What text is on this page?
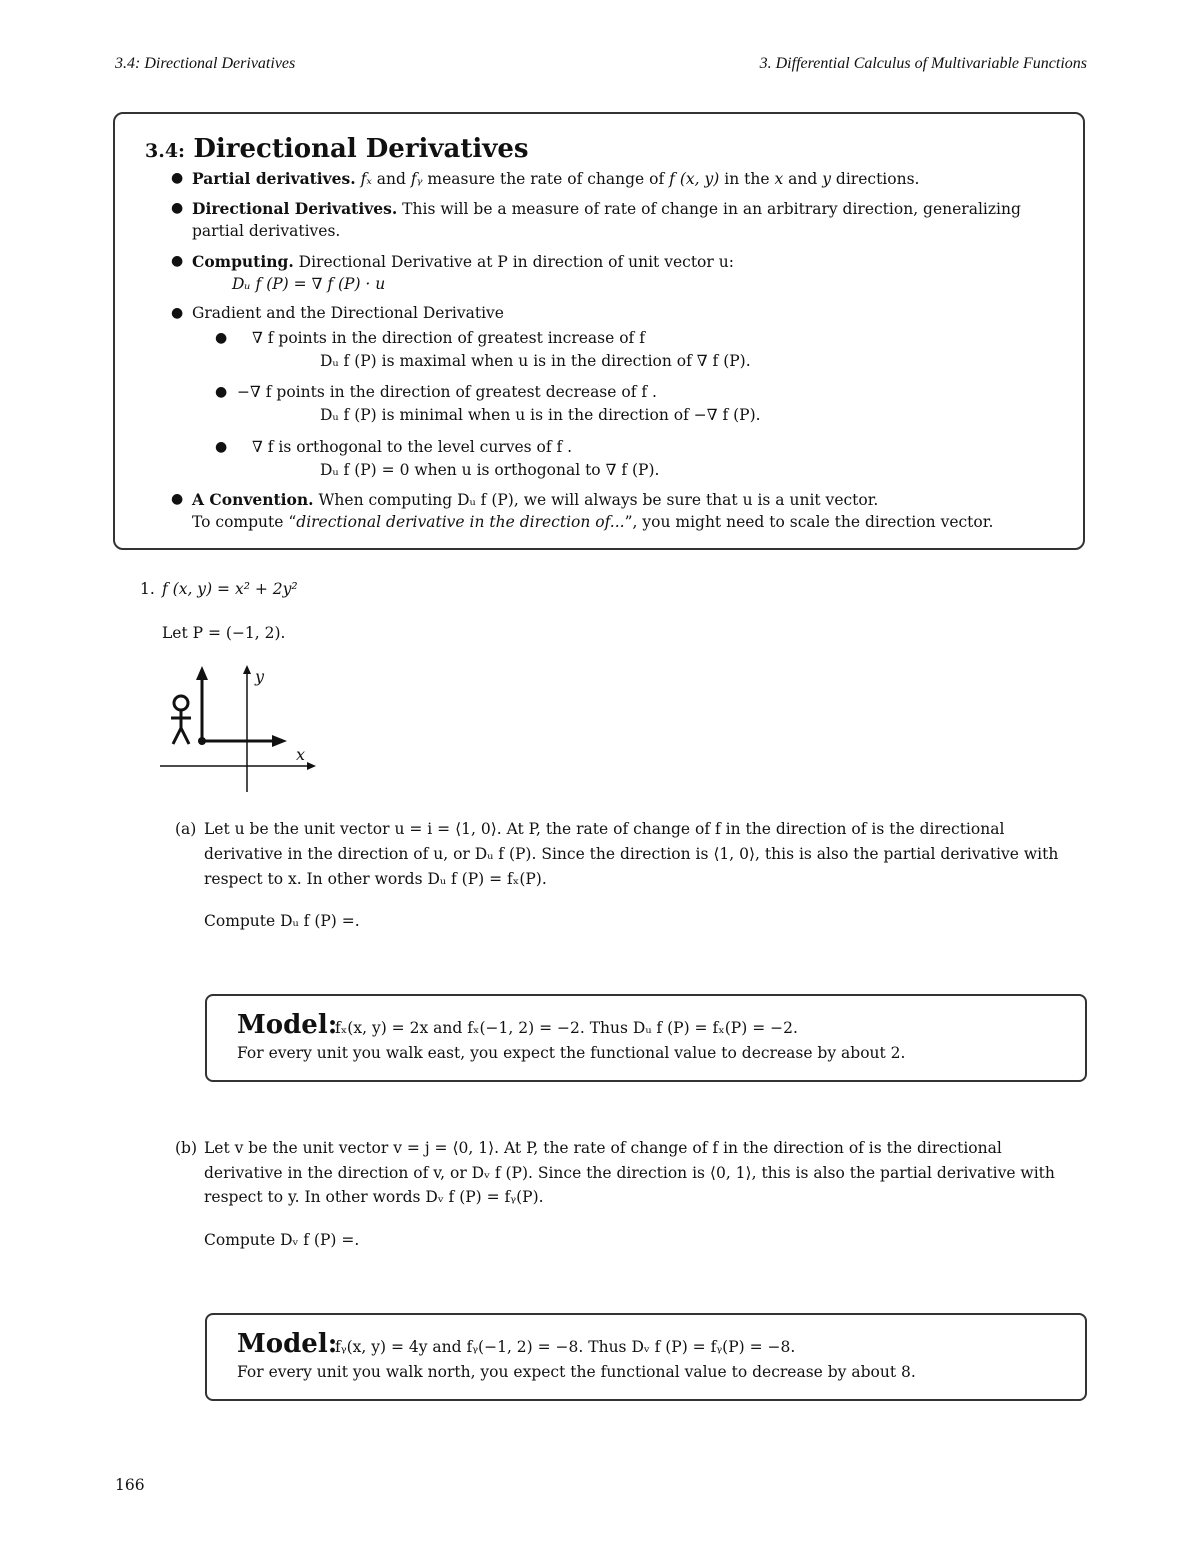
3.4: Directional Derivatives	3. Differential Calculus of Multivariable Functions
3.4: Directional Derivatives
● Partial derivatives. fₓ and fᵧ measure the rate of change of f (x, y) in the x and y directions.
● Directional Derivatives. This will be a measure of rate of change in an arbitrary direction, generalizing
partial derivatives.
● Computing. Directional Derivative at P in direction of unit vector u:
Dᵤ f (P) = ∇ f (P) · u
● Gradient and the Directional Derivative
● ∇ f points in the direction of greatest increase of f
Dᵤ f (P) is maximal when u is in the direction of ∇ f (P).
● −∇ f points in the direction of greatest decrease of f .
Dᵤ f (P) is minimal when u is in the direction of −∇ f (P).
● ∇ f is orthogonal to the level curves of f .
Dᵤ f (P) = 0 when u is orthogonal to ∇ f (P).
● A Convention. When computing Dᵤ f (P), we will always be sure that u is a unit vector.
To compute “directional derivative in the direction of...”, you might need to scale the direction vector.
1. f (x, y) = x² + 2y²
Let P = (−1, 2).
y
x
(a) Let u be the unit vector u = i = ⟨1, 0⟩. At P, the rate of change of f in the direction of is the directional
derivative in the direction of u, or Dᵤ f (P). Since the direction is ⟨1, 0⟩, this is also the partial derivative with
respect to x. In other words Dᵤ f (P) = fₓ(P).
Compute Dᵤ f (P) =.
Model:
fₓ(x, y) = 2x and fₓ(−1, 2) = −2. Thus Dᵤ f (P) = fₓ(P) = −2.
For every unit you walk east, you expect the functional value to decrease by about 2.
(b) Let v be the unit vector v = j = ⟨0, 1⟩. At P, the rate of change of f in the direction of is the directional
derivative in the direction of v, or Dᵥ f (P). Since the direction is ⟨0, 1⟩, this is also the partial derivative with
respect to y. In other words Dᵥ f (P) = fᵧ(P).
Compute Dᵥ f (P) =.
Model:
fᵧ(x, y) = 4y and fᵧ(−1, 2) = −8. Thus Dᵥ f (P) = fᵧ(P) = −8.
For every unit you walk north, you expect the functional value to decrease by about 8.
166
